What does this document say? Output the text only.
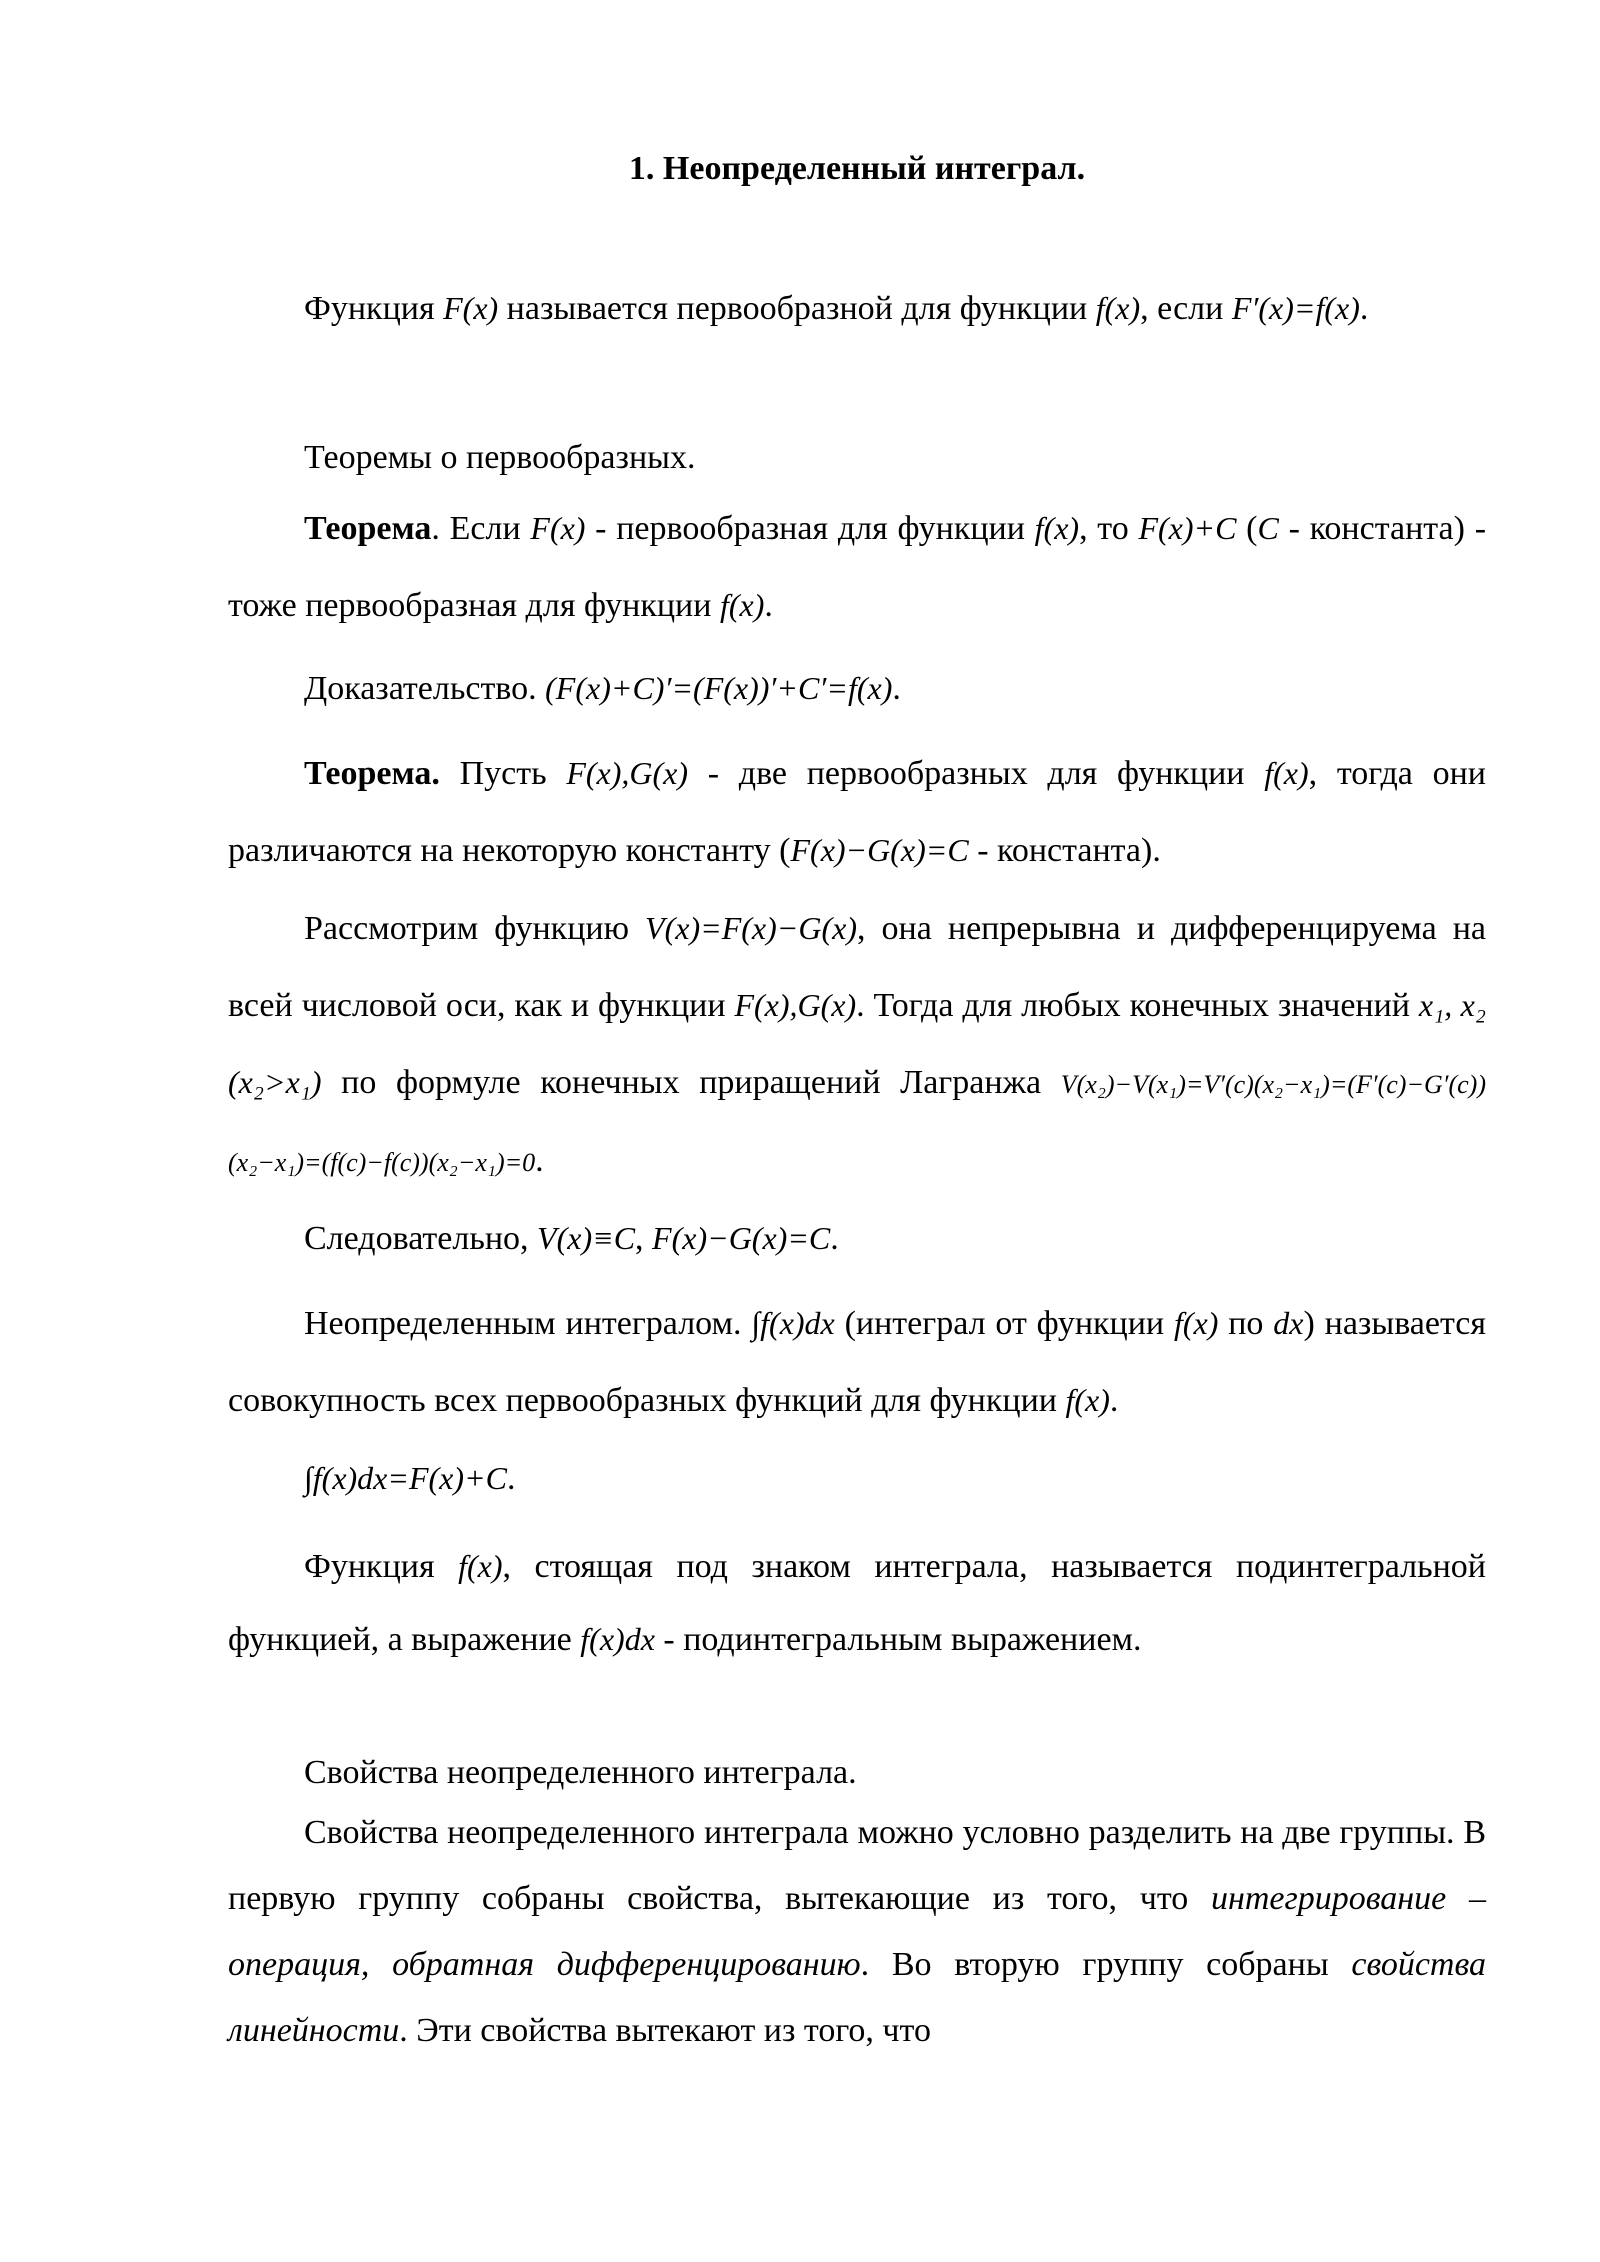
1. Неопределенный интеграл.

Функция F(x) называется первообразной для функции f(x), если F′(x)=f(x).

Теоремы о первообразных.

Теорема. Если F(x) - первообразная для функции f(x), то F(x)+C (C - константа) - тоже первообразная для функции f(x).

Доказательство. (F(x)+C)′=(F(x))′+C′=f(x).

Теорема. Пусть F(x),G(x) - две первообразных для функции f(x), тогда они различаются на некоторую константу (F(x)−G(x)=C - константа).

Рассмотрим функцию V(x)=F(x)−G(x), она непрерывна и дифференцируема на всей числовой оси, как и функции F(x),G(x). Тогда для любых конечных значений x₁, x₂ (x₂>x₁) по формуле конечных приращений Лагранжа V(x₂)−V(x₁)=V′(c)(x₂−x₁)=(F′(c)−G′(c))(x₂−x₁)=(f(c)−f(c))(x₂−x₁)=0.

Следовательно, V(x)≡C, F(x)−G(x)=C.

Неопределенным интегралом. ∫f(x)dx (интеграл от функции f(x) по dx) называется совокупность всех первообразных функций для функции f(x).

∫f(x)dx=F(x)+C.

Функция f(x), стоящая под знаком интеграла, называется подинтегральной функцией, а выражение f(x)dx - подинтегральным выражением.

Свойства неопределенного интеграла.

Свойства неопределенного интеграла можно условно разделить на две группы. В первую группу собраны свойства, вытекающие из того, что интегрирование – операция, обратная дифференцированию. Во вторую группу собраны свойства линейности. Эти свойства вытекают из того, что
